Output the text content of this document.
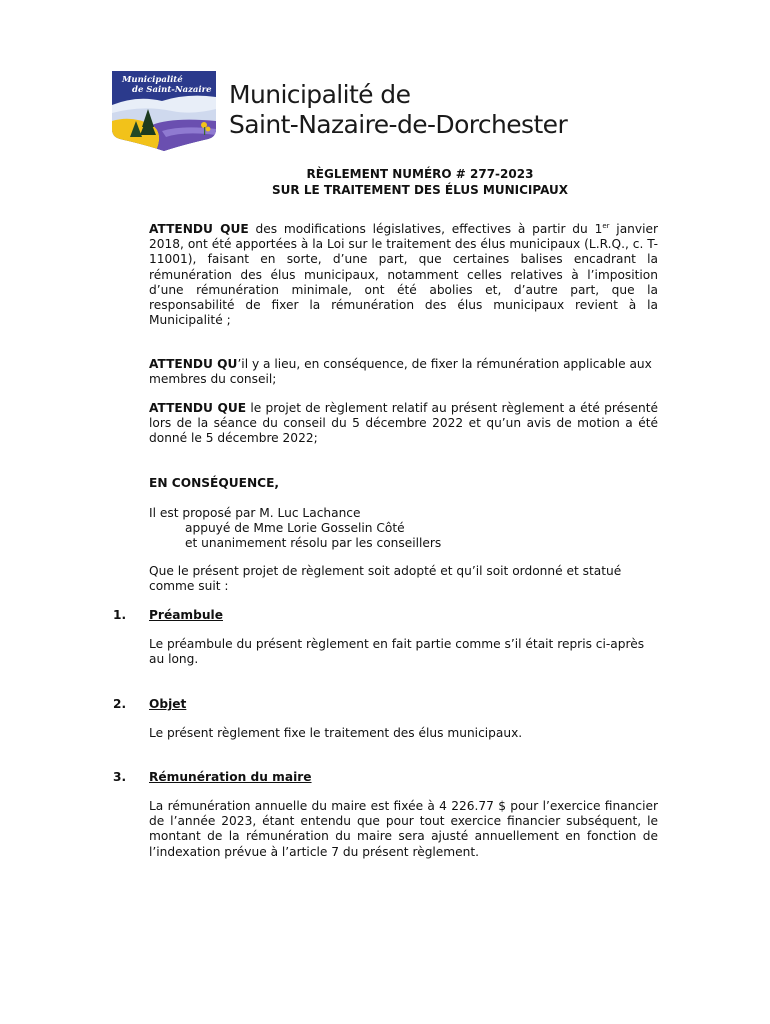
Municipalité
de Saint-Nazaire Municipalité de
Saint-Nazaire-de-Dorchester
RÈGLEMENT NUMÉRO # 277-2023
SUR LE TRAITEMENT DES ÉLUS MUNICIPAUX
ATTENDU QUE des modifications législatives, effectives à partir du 1er janvier 2018, ont été apportées à la Loi sur le traitement des élus municipaux (L.R.Q., c. T-11001), faisant en sorte, d’une part, que certaines balises encadrant la rémunération des élus municipaux, notamment celles relatives à l’imposition d’une rémunération minimale, ont été abolies et, d’autre part, que la responsabilité de fixer la rémunération des élus municipaux revient à la Municipalité ;
ATTENDU QU’il y a lieu, en conséquence, de fixer la rémunération applicable aux membres du conseil;
ATTENDU QUE le projet de règlement relatif au présent règlement a été présenté lors de la séance du conseil du 5 décembre 2022 et qu’un avis de motion a été donné le 5 décembre 2022;
EN CONSÉQUENCE,
Il est proposé par M. Luc Lachance
appuyé de Mme Lorie Gosselin Côté
et unanimement résolu par les conseillers
Que le présent projet de règlement soit adopté et qu’il soit ordonné et statué comme suit :
1. Préambule
Le préambule du présent règlement en fait partie comme s’il était repris ci-après au long.
2. Objet
Le présent règlement fixe le traitement des élus municipaux.
3. Rémunération du maire
La rémunération annuelle du maire est fixée à 4 226.77 $ pour l’exercice financier de l’année 2023, étant entendu que pour tout exercice financier subséquent, le montant de la rémunération du maire sera ajusté annuellement en fonction de l’indexation prévue à l’article 7 du présent règlement.
